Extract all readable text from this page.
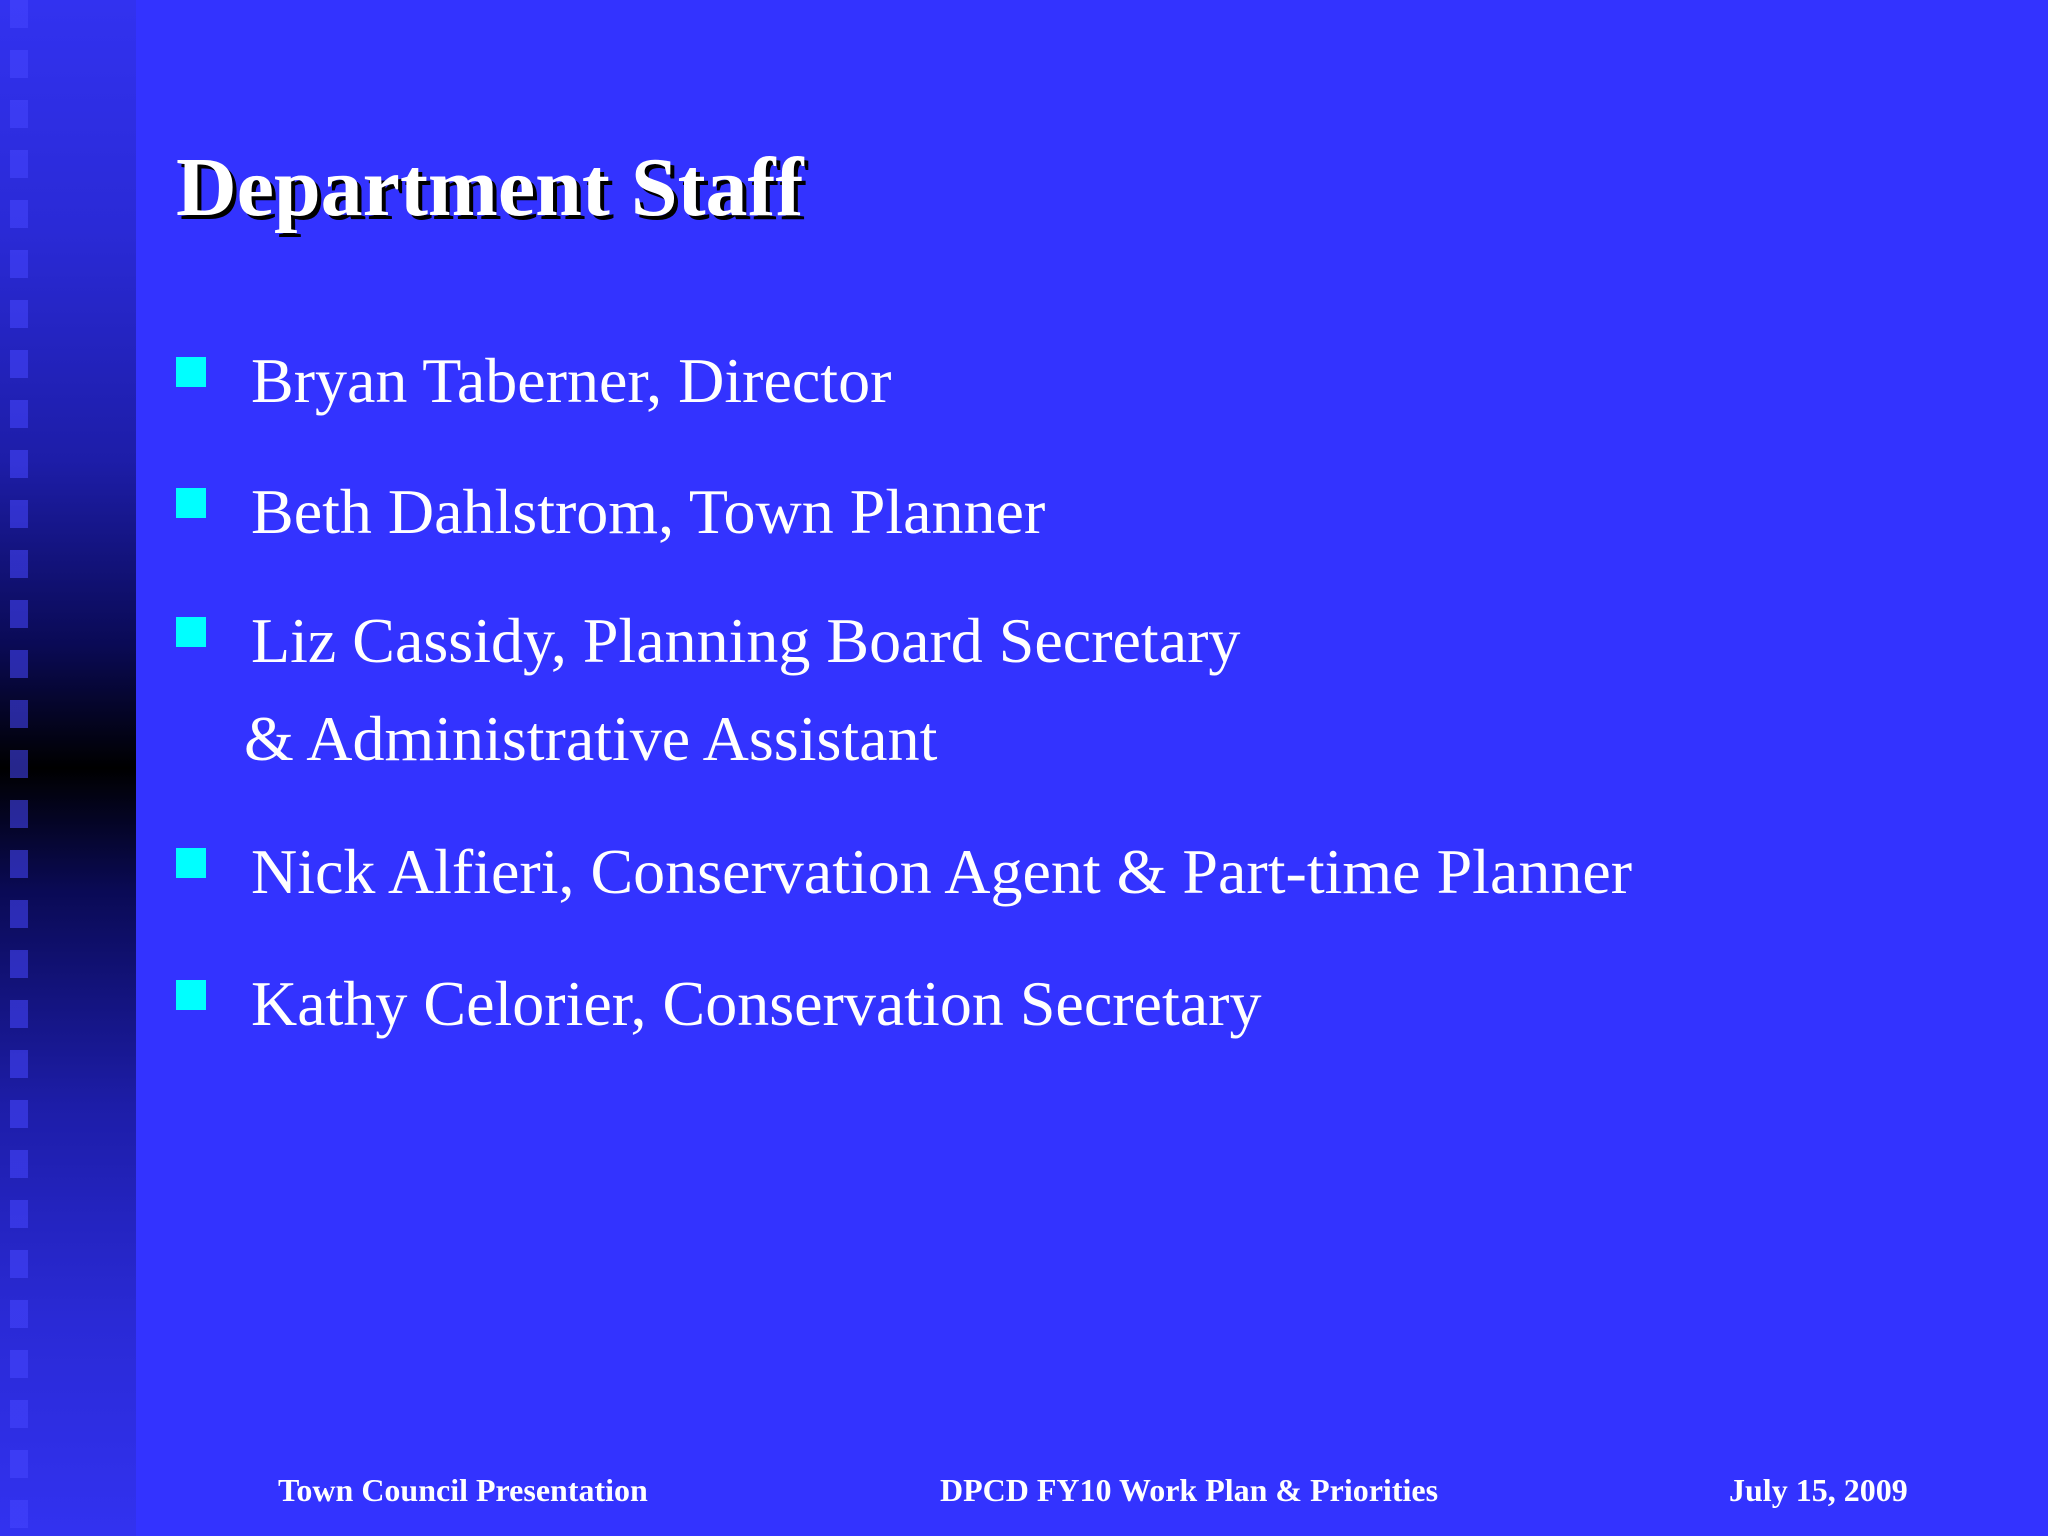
Department Staff
Bryan Taberner, Director
Beth Dahlstrom, Town Planner
Liz Cassidy, Planning Board Secretary
& Administrative Assistant
Nick Alfieri, Conservation Agent & Part-time Planner
Kathy Celorier, Conservation Secretary
Town Council Presentation	DPCD FY10 Work Plan & Priorities	July 15, 2009
